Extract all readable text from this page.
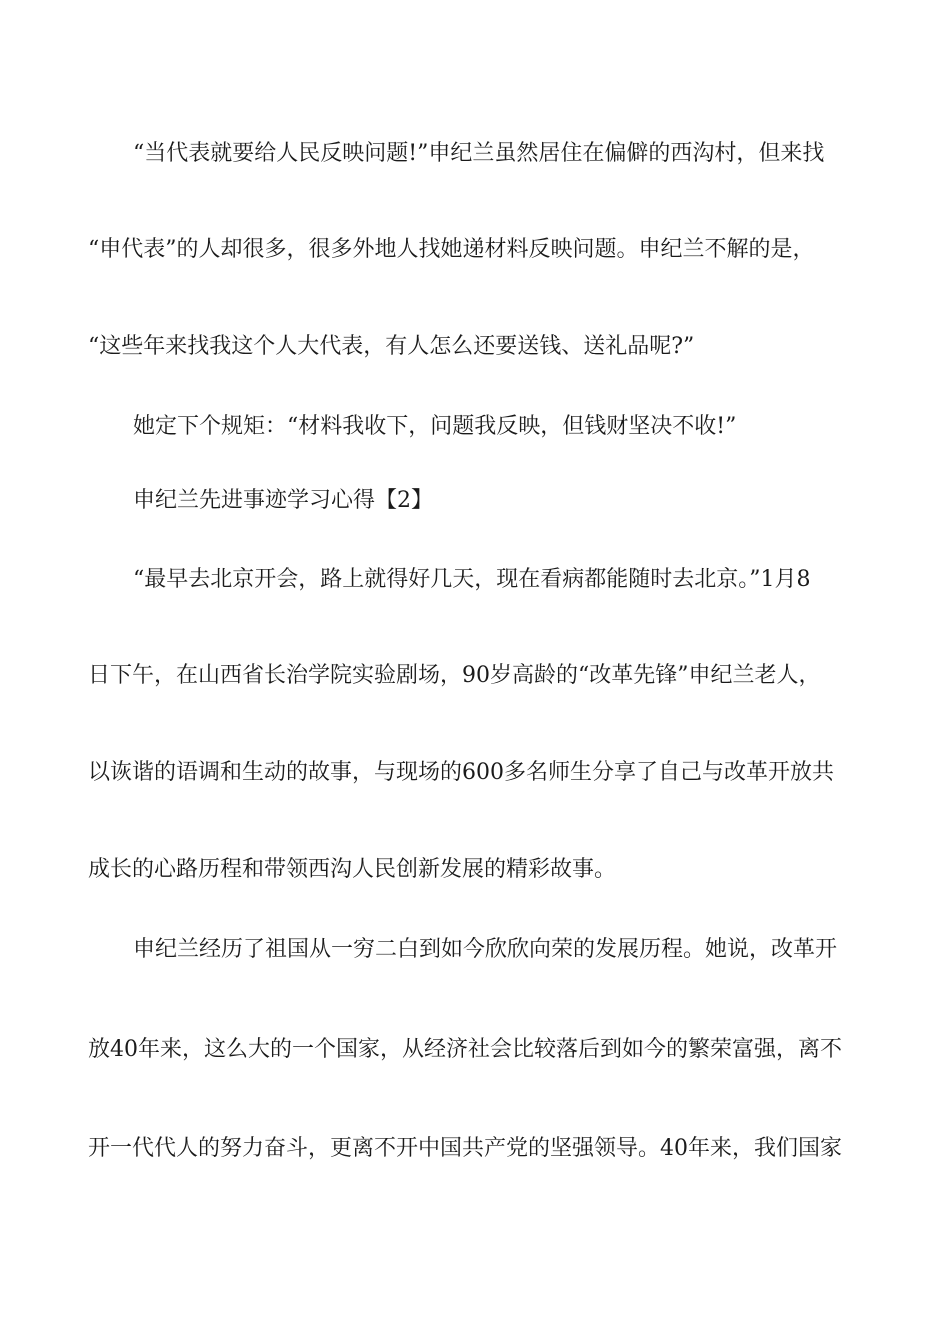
“当代表就要给人民反映问题!”申纪兰虽然居住在偏僻的西沟村，但来找
“申代表”的人却很多，很多外地人找她递材料反映问题。申纪兰不解的是，
“这些年来找我这个人大代表，有人怎么还要送钱、送礼品呢?”
她定下个规矩：“材料我收下，问题我反映，但钱财坚决不收!”
申纪兰先进事迹学习心得【2】
“最早去北京开会，路上就得好几天，现在看病都能随时去北京。”1月8
日下午，在山西省长治学院实验剧场，90岁高龄的“改革先锋”申纪兰老人，
以诙谐的语调和生动的故事，与现场的600多名师生分享了自己与改革开放共
成长的心路历程和带领西沟人民创新发展的精彩故事。
申纪兰经历了祖国从一穷二白到如今欣欣向荣的发展历程。她说，改革开
放40年来，这么大的一个国家，从经济社会比较落后到如今的繁荣富强，离不
开一代代人的努力奋斗，更离不开中国共产党的坚强领导。40年来，我们国家
